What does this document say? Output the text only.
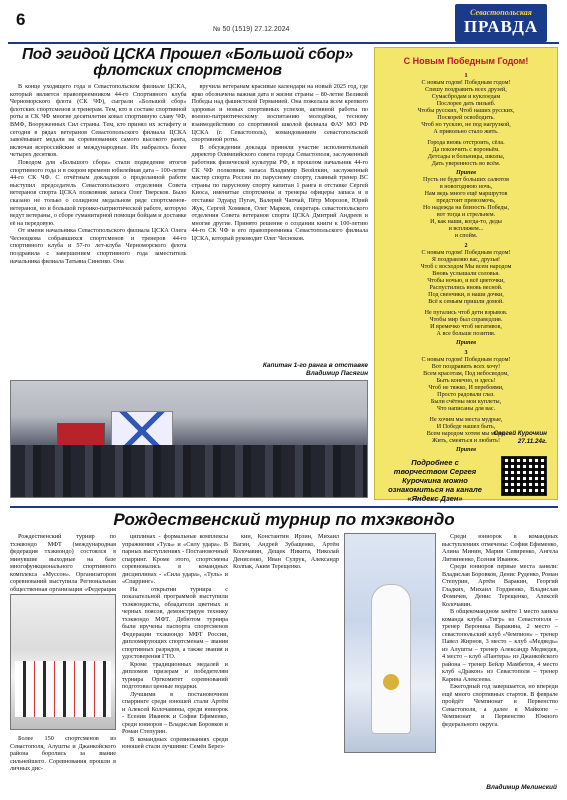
6
№ 50 (1519) 27.12.2024
Севастопольская
ПРАВДА
Под эгидой ЦСКА Прошел «Большой сбор» флотских спортсменов

В конце уходящего года в Севастопольском филиале ЦСКА, который является правопреемником 44-го Спортивного клуба Черноморского флота (СК ЧФ), сыграли «Большой сбор» флотских спортсменов и тренерам. Тем, кто в составе спортивной роты и СК ЧФ многие десятилетия ковал спортивную славу ЧФ, ВМФ, Вооруженных Сил страны. Тем, кто принял их эстафету и сегодня в рядах ветеранов Севастопольского филиала ЦСКА завоёвывает медали на соревнованиях самого высокого ранга, включая всероссийские и международные. Их набралось более четырех десятков.

Поводом для «Большого сбора» стали подведение итогов спортивного года и в скором времени юбилейная дата – 100-летие 44-го СК ЧФ. С отчётным докладом о проделанной работе выступил председатель Севастопольского отделения Совета ветеранов спорта ЦСКА полковник запаса Олег Тверсков. Было сказано не только о солидном медальном ряде спортсменов-ветеранов, но и большой героико-патриотической работе, которую ведут ветераны, о сборе гуманитарной помощи бойцам и доставке её на передовую.

От имени начальника Севастопольского филиала ЦСКА Олега Чесноцкова собравшихся спортсменов и тренеров 44-го спортивного клуба и 57-го лет-клуба Черноморского флота поздравила с завершением спортивного года заместитель начальника филиала Татьяна Синенко. Она

вручила ветеранам красивые календари на новый 2025 год, где ярко обозначена важная дата в жизни страны – 80-летие Великой Победы над фашистской Германией. Она пожелала всем крепкого здоровья и новых спортивных успехов, активной работы по военно-патриотическому воспитанию молодёжи, тесному взаимодействию со спортивной школой филиала ФАУ МО РФ ЦСКА (г. Севастополь), командованием севастопольской спортивной роты.

В обсуждении доклада приняли участие исполнительный директор Олимпийского совета города Севастополя, заслуженный работник физической культуры РФ, в прошлом начальник 44-го СК ЧФ полковник запаса Владимир Веойлкин, заслуженный мастер спорта России по парусному спорту, главный тренер ВС страны по парусному спорту капитан 1 ранга в отставке Сергей Киоса, именитые спортсмены и тренеры офицеры запаса и в отставке Эдуард Пугач, Валерий Чапчай, Пётр Морозов, Юрий Жук, Сергей Хомяков, Олег Марков, секретарь севастопольского отделения Совета ветеранов спорта ЦСКА Дмитрий Андреев и многие другие. Принято решение о создании книги к 100-летию 44-го СК ЧФ и его правопреемника Севастопольского филиала ЦСКА, который руководит Олег Чесноков.

Капитан 1-го ранга в отставке
Владимир Пасягин
С Новым Победным Годом!
1
С новым годом! Победным годом!
Спешу поздравить всех друзей,
Сумасбродам и куклоедам
Послорее дать пизьиб.
Чтобы русских, Чтоб наших русских,
Поскорей освободить.
Чтоб но тусклю, не под нагрузкой,
А привольно стало жить.
Города вновь отстроить, сёла.
Да покончить с вороньём.
Детсады и больницы, школы,
Дать уверенность во всём.
Припев
Пусть не будет больших салютов
в новогоднюю ночь,
Нам ведь много ещё маршрутов
предстоит превозмочь,
Но надежда на близость Победы,
вот тогда и стрельнем.
И, как наши, когда-то, деды
и вспляжем...
и спойм.
2
С новым годом! Победным годом!
Я поздравляю вас, друзья!
Чтоб с восходом Мы всем народом
Вновь услышали соловья.
Чтобы ночью, и всё цветочки,
Распустились вновь весной.
Под свенчики, в наши дочки,
Всё к семьям пришли домой.
Не пугались чтоб дети взрывов.
Чтобы мир был справедлив.
И времечко чтоб негативов,
А все больше позитив.
Припев
3
С новым годом! Победным годом!
Вот поздравить всех хочу!
Всем красотам, Под небосводом,
Быть конечно, и здесь!
Чтоб не тяжко, И перебоями,
Просто радовали глаз.
Были счётны мои куплеты,
Что написаны для вас.
Не хочим мы места мудрые,
И Победе нашел быть,
Всем народом хотем мы мира,
Жить, смеяться и любить!
Припев
Сергей Курочкин
27.11.24г.
Подробнее с творчеством Сергея Курочкина можно ознакомиться на канале «Яндекс Дзен»
Рождественский турнир по тхэквондо

Рождественский турнир по тхэквондо МФТ (международная федерация тхэквондо) состоялся в минувшие выходные на базе многофункционального спортивного комплекса «Муссон». Организатором соревнований выступила Региональная общественная организация «Федерация

Более 150 спортсменов из Севастополя, Алушты и Джанкойского района боролись за звание сильнейшего. Соревнования прошли в личных дис-

циплинах - формальные комплексы упражнения «Туль» и «Силу удара». В парных выступлениях - Постановочный спарринг. Кроме этого, спортсмены соревновались в командных дисциплинах - «Сила удара», «Туль» и «Спарринг».

На открытии турнира с показательной программой выступили тхэквондисты, обладатели цветных и черных поясов, демонстрируя технику тхэквондо МФТ. Дебютом турнира были вручены паспорта спортсменов Федерации тхэквондо МФТ России, дипломирующих спортсменам – звания спортивных разрядов, а также звания и удостоверения ГТО.

Кроме традиционных медалей и дипломов призерам и победителям турнира Оргкомитет соревнований подготовил ценные подарки.

Лучшими в постановочном спарринге среди юношей стали Артём и Алексей Колочавины, среди юниорок - Есения Иванюк и София Ефименко, среди юниоров – Владислав Боровков и Роман Степурин.

В командных соревнованиях среди юношей стали лучшими: Семён Берез-

кин, Константин Ирзин, Михаил Вагин, Андрей Зубащенко, Артём Колочавин, Дещек Никита, Николай Денисенко, Иван Сулрук, Александр Колпак, Аким Терещенко.

Среди юниорок в командных выступлениях отмечены: София Ефименко, Алина Минин, Мария Севиренко, Ангела Литвиненко, Есения Иванюк.

Среди юниоров первые места заняли: Владислав Боровков, Денис Руденко, Роман Степурин, Артём Варакин, Георгий Гладких, Михаил Гордиенко, Владислав Фомичев, Денис Терещенко, Алексей Колочавин.

В общекомандном зачёте 1 место заняла команда клуба «Тигр» из Севастополя – тренер Вероника Варакина, 2 место – севастопольский клуб «Чемпион» – тренер Павел Жирнов, 3 место – клуб «Медведь» из Алушты – тренер Александр Медведев, 4 место – клуб «Пантера» из Джанкойского района – тренер Бейлр Мамбетов, 4 место клуб «Дракон» из Севастополя – тренер Карина Алексеева.

Ежегодный год завершается, но впереди ещё много спортивных стартов. В феврале пройдёт Чемпионат и Первенство Севастополя, а далее в Майкопе – Чемпионат и Первенство Южного федерального округа.

Владимир Мелинский
